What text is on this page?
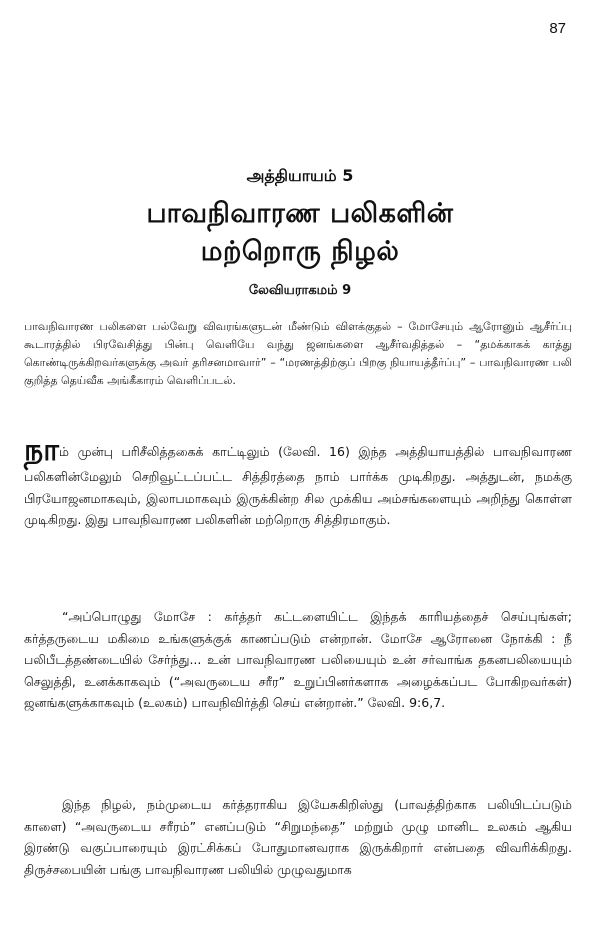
87
அத்தியாயம் 5
பாவநிவாரண பலிகளின்
மற்றொரு நிழல்
லேவியராகமம் 9
பாவநிவாரண பலிகளை பல்வேறு விவரங்களுடன் மீண்டும் விளக்குதல் – மோசேயும் ஆரோனும் ஆசீர்ப்பு கூடாரத்தில் பிரவேசித்து பின்பு வெளியே வந்து ஜனங்களை ஆசீர்வதித்தல் – “தமக்காகக் காத்து கொண்டிருக்கிறவர்களுக்கு அவர் தரிசனமாவார்” – “மரணத்திற்குப் பிறகு நியாயத்தீர்ப்பு” – பாவநிவாரண பலி குறித்த தெய்வீக அங்கீகாரம் வெளிப்படல்.
நாம் முன்பு பரிசீலித்தகைக் காட்டிலும் (லேவி. 16) இந்த அத்தியாயத்தில் பாவநிவாரண பலிகளின்மேலும் செறிவூட்டப்பட்ட சித்திரத்தை நாம் பார்க்க முடிகிறது. அத்துடன், நமக்கு பிரயோஜனமாகவும், இலாபமாகவும் இருக்கின்ற சில முக்கிய அம்சங்களையும் அறிந்து கொள்ள முடிகிறது. இது பாவநிவாரண பலிகளின் மற்றொரு சித்திரமாகும்.
“அப்பொழுது மோசே : கர்த்தர் கட்டளையிட்ட இந்தக் காரியத்தைச் செய்புங்கள்; கர்த்தருடைய மகிமை உங்களுக்குக் காணப்படும் என்றான். மோசே ஆரோனை நோக்கி : நீ பலிபீடத்தண்டையில் சேர்ந்து... உன் பாவநிவாரண பலியையும் உன் சர்வாங்க தகனபலியையும் செலுத்தி, உனக்காகவும் (“அவருடைய சரீர” உறுப்பினர்களாக அழைக்கப்பட போகிறவர்கள்) ஜனங்களுக்காகவும் (உலகம்) பாவநிவிர்த்தி செய் என்றான்.” லேவி. 9:6,7.
இந்த நிழல், நம்முடைய கர்த்தராகிய இயேசுகிறிஸ்து (பாவத்திற்காக பலியிடப்படும் காளை) “அவருடைய சரீரம்” எனப்படும் “சிறுமந்தை” மற்றும் முழு மானிட உலகம் ஆகிய இரண்டு வகுப்பாரையும் இரட்சிக்கப் போதுமானவராக இருக்கிறார் என்பதை விவரிக்கிறது. திருச்சபையின் பங்கு பாவநிவாரண பலியில் முழுவதுமாக
